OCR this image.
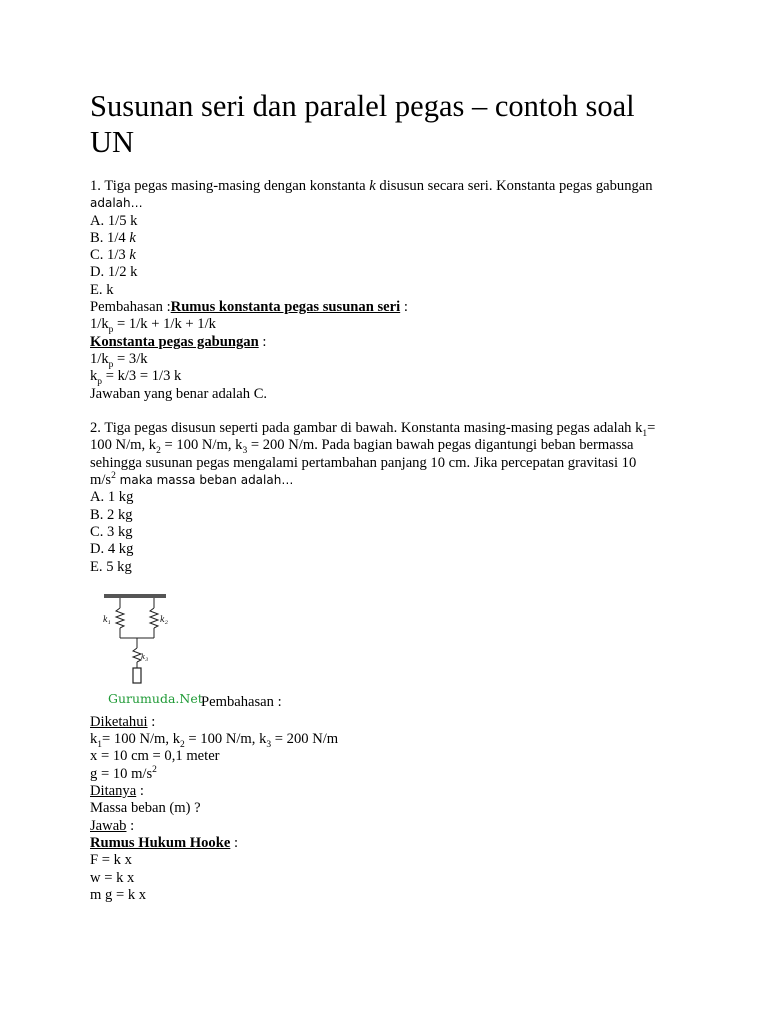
Susunan seri dan paralel pegas – contoh soal UN
1. Tiga pegas masing-masing dengan konstanta k disusun secara seri. Konstanta pegas gabungan
adalah…
A. 1/5 k
B. 1/4 k
C. 1/3 k
D. 1/2 k
E. k
Pembahasan :Rumus konstanta pegas susunan seri :
$1/k_p = 1/k + 1/k + 1/k$
Konstanta pegas gabungan :
$1/k_p = 3/k$
$k_p = k/3 = 1/3$ k
Jawaban yang benar adalah C.
2. Tiga pegas disusun seperti pada gambar di bawah. Konstanta masing-masing pegas adalah $k_1=$
100 N/m, $k_2 = 100$ N/m, $k_3 = 200$ N/m. Pada bagian bawah pegas digantungi beban bermassa
sehingga susunan pegas mengalami pertambahan panjang 10 cm. Jika percepatan gravitasi 10
$m/s^2$ maka massa beban adalah…
A. 1 kg
B. 2 kg
C. 3 kg
D. 4 kg
E. 5 kg
$k_1$	$k_2$
$k_3$
Gurumuda.Net
Pembahasan :
Diketahui :
$k_1= 100$ N/m, $k_2 = 100$ N/m, $k_3 = 200$ N/m
x = 10 cm = 0,1 meter
g = 10 $m/s^2$
Ditanya :
Massa beban (m) ?
Jawab :
Rumus Hukum Hooke :
F = k x
w = k x
m g = k x
